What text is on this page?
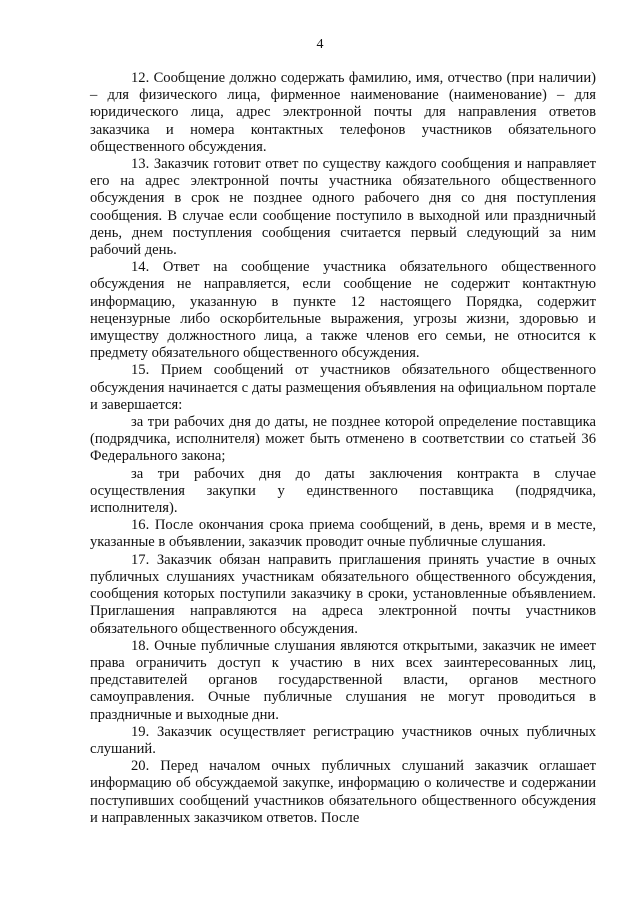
4

12. Сообщение должно содержать фамилию, имя, отчество (при наличии) – для физического лица, фирменное наименование (наименование) – для юридического лица, адрес электронной почты для направления ответов заказчика и номера контактных телефонов участников обязательного общественного обсуждения.

13. Заказчик готовит ответ по существу каждого сообщения и направляет его на адрес электронной почты участника обязательного общественного обсуждения в срок не позднее одного рабочего дня со дня поступления сообщения. В случае если сообщение поступило в выходной или праздничный день, днем поступления сообщения считается первый следующий за ним рабочий день.

14. Ответ на сообщение участника обязательного общественного обсуждения не направляется, если сообщение не содержит контактную информацию, указанную в пункте 12 настоящего Порядка, содержит нецензурные либо оскорбительные выражения, угрозы жизни, здоровью и имуществу должностного лица, а также членов его семьи, не относится к предмету обязательного общественного обсуждения.

15. Прием сообщений от участников обязательного общественного обсуждения начинается с даты размещения объявления на официальном портале и завершается:

за три рабочих дня до даты, не позднее которой определение поставщика (подрядчика, исполнителя) может быть отменено в соответствии со статьей 36 Федерального закона;

за три рабочих дня до даты заключения контракта в случае осуществления закупки у единственного поставщика (подрядчика, исполнителя).

16. После окончания срока приема сообщений, в день, время и в месте, указанные в объявлении, заказчик проводит очные публичные слушания.

17. Заказчик обязан направить приглашения принять участие в очных публичных слушаниях участникам обязательного общественного обсуждения, сообщения которых поступили заказчику в сроки, установленные объявлением. Приглашения направляются на адреса электронной почты участников обязательного общественного обсуждения.

18. Очные публичные слушания являются открытыми, заказчик не имеет права ограничить доступ к участию в них всех заинтересованных лиц, представителей органов государственной власти, органов местного самоуправления. Очные публичные слушания не могут проводиться в праздничные и выходные дни.

19. Заказчик осуществляет регистрацию участников очных публичных слушаний.

20. Перед началом очных публичных слушаний заказчик оглашает информацию об обсуждаемой закупке, информацию о количестве и содержании поступивших сообщений участников обязательного общественного обсуждения и направленных заказчиком ответов. После
